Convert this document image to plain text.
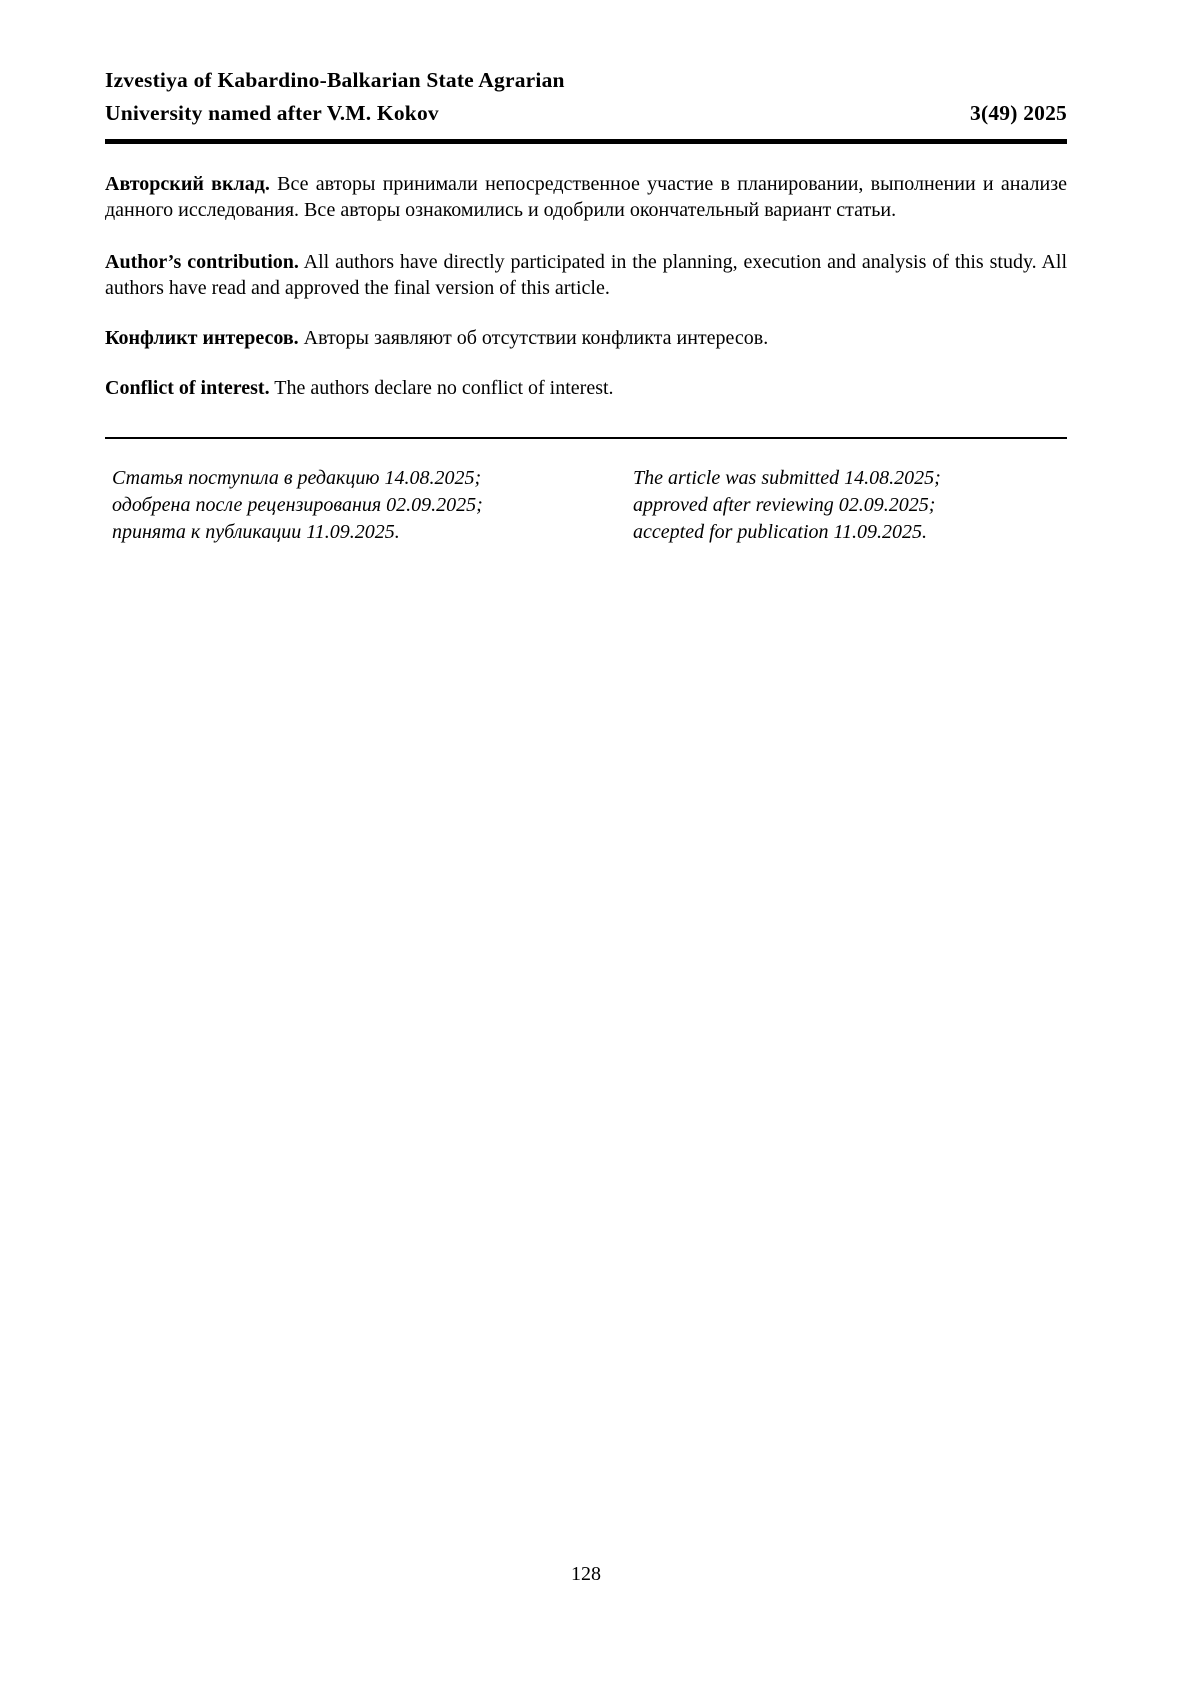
Izvestiya of Kabardino-Balkarian State Agrarian
University named after V.M. Kokov	3(49) 2025

Авторский вклад. Все авторы принимали непосредственное участие в планировании, выполнении и анализе данного исследования. Все авторы ознакомились и одобрили окончательный вариант статьи.

Author’s contribution. All authors have directly participated in the planning, execution and analysis of this study. All authors have read and approved the final version of this article.

Конфликт интересов. Авторы заявляют об отсутствии конфликта интересов.

Conflict of interest. The authors declare no conflict of interest.

Статья поступила в редакцию 14.08.2025;
одобрена после рецензирования 02.09.2025;
принята к публикации 11.09.2025.
The article was submitted 14.08.2025;
approved after reviewing 02.09.2025;
accepted for publication 11.09.2025.
128
